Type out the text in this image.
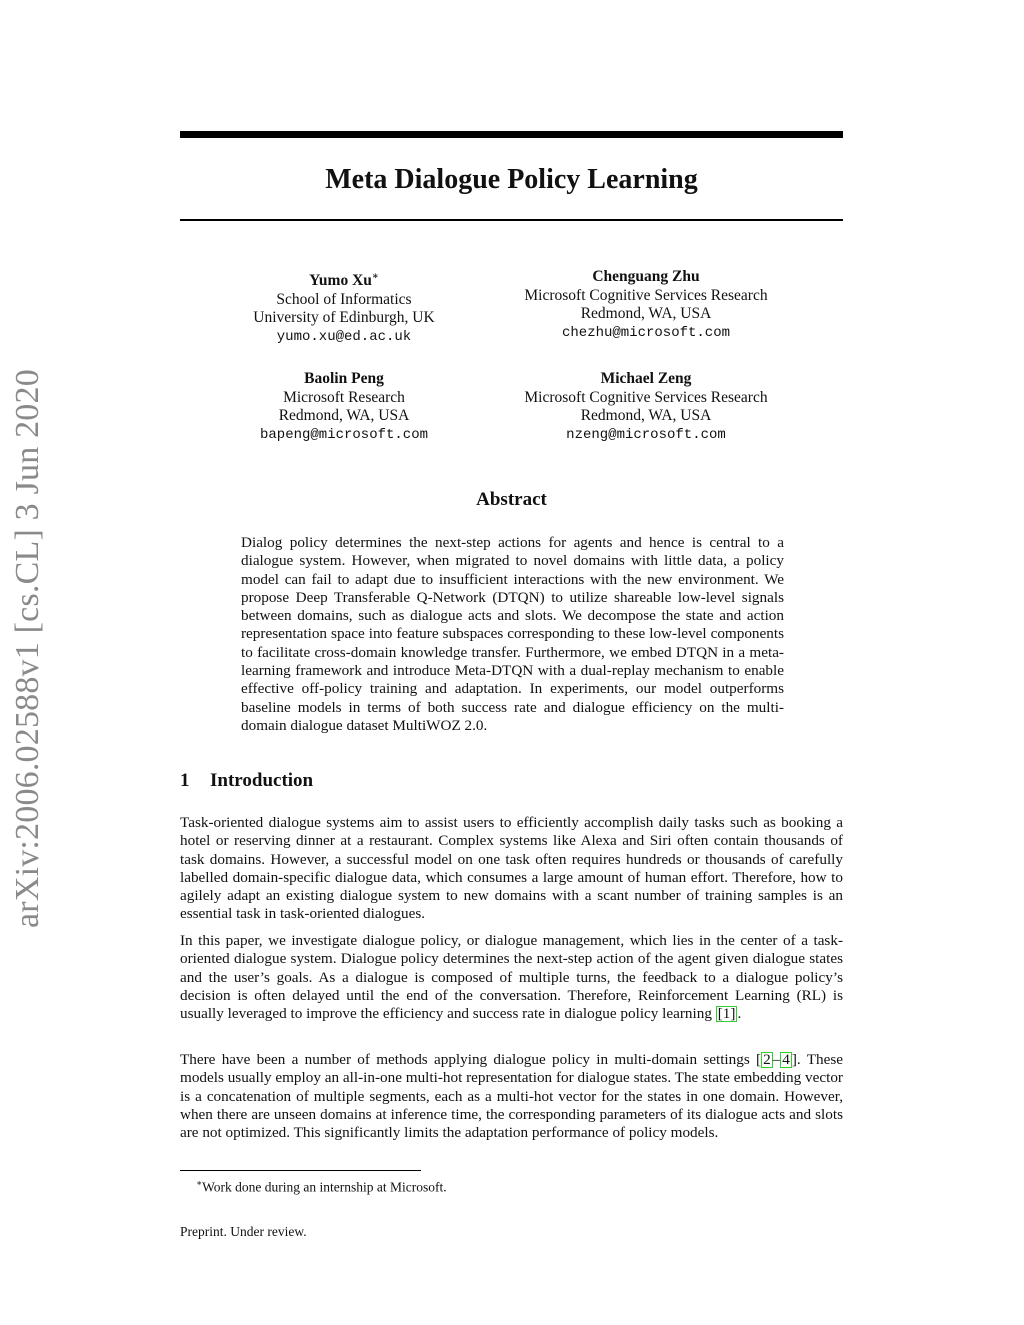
arXiv:2006.02588v1 [cs.CL] 3 Jun 2020
Meta Dialogue Policy Learning
Yumo Xu∗
School of Informatics
University of Edinburgh, UK
yumo.xu@ed.ac.uk
Chenguang Zhu
Microsoft Cognitive Services Research
Redmond, WA, USA
chezhu@microsoft.com
Baolin Peng
Microsoft Research
Redmond, WA, USA
bapeng@microsoft.com
Michael Zeng
Microsoft Cognitive Services Research
Redmond, WA, USA
nzeng@microsoft.com
Abstract
Dialog policy determines the next-step actions for agents and hence is central to a dialogue system. However, when migrated to novel domains with little data, a policy model can fail to adapt due to insufficient interactions with the new environment. We propose Deep Transferable Q-Network (DTQN) to utilize shareable low-level signals between domains, such as dialogue acts and slots. We decompose the state and action representation space into feature subspaces corresponding to these low-level components to facilitate cross-domain knowledge transfer. Furthermore, we embed DTQN in a meta-learning framework and introduce Meta-DTQN with a dual-replay mechanism to enable effective off-policy training and adaptation. In experiments, our model outperforms baseline models in terms of both success rate and dialogue efficiency on the multi-domain dialogue dataset MultiWOZ 2.0.
1 Introduction

Task-oriented dialogue systems aim to assist users to efficiently accomplish daily tasks such as booking a hotel or reserving dinner at a restaurant. Complex systems like Alexa and Siri often contain thousands of task domains. However, a successful model on one task often requires hundreds or thousands of carefully labelled domain-specific dialogue data, which consumes a large amount of human effort. Therefore, how to agilely adapt an existing dialogue system to new domains with a scant number of training samples is an essential task in task-oriented dialogues.

In this paper, we investigate dialogue policy, or dialogue management, which lies in the center of a task-oriented dialogue system. Dialogue policy determines the next-step action of the agent given dialogue states and the user’s goals. As a dialogue is composed of multiple turns, the feedback to a dialogue policy’s decision is often delayed until the end of the conversation. Therefore, Reinforcement Learning (RL) is usually leveraged to improve the efficiency and success rate in dialogue policy learning [1] .

There have been a number of methods applying dialogue policy in multi-domain settings [ 2 – 4 ]. These models usually employ an all-in-one multi-hot representation for dialogue states. The state embedding vector is a concatenation of multiple segments, each as a multi-hot vector for the states in one domain. However, when there are unseen domains at inference time, the corresponding parameters of its dialogue acts and slots are not optimized. This significantly limits the adaptation performance of policy models.

∗Work done during an internship at Microsoft.
Preprint. Under review.
